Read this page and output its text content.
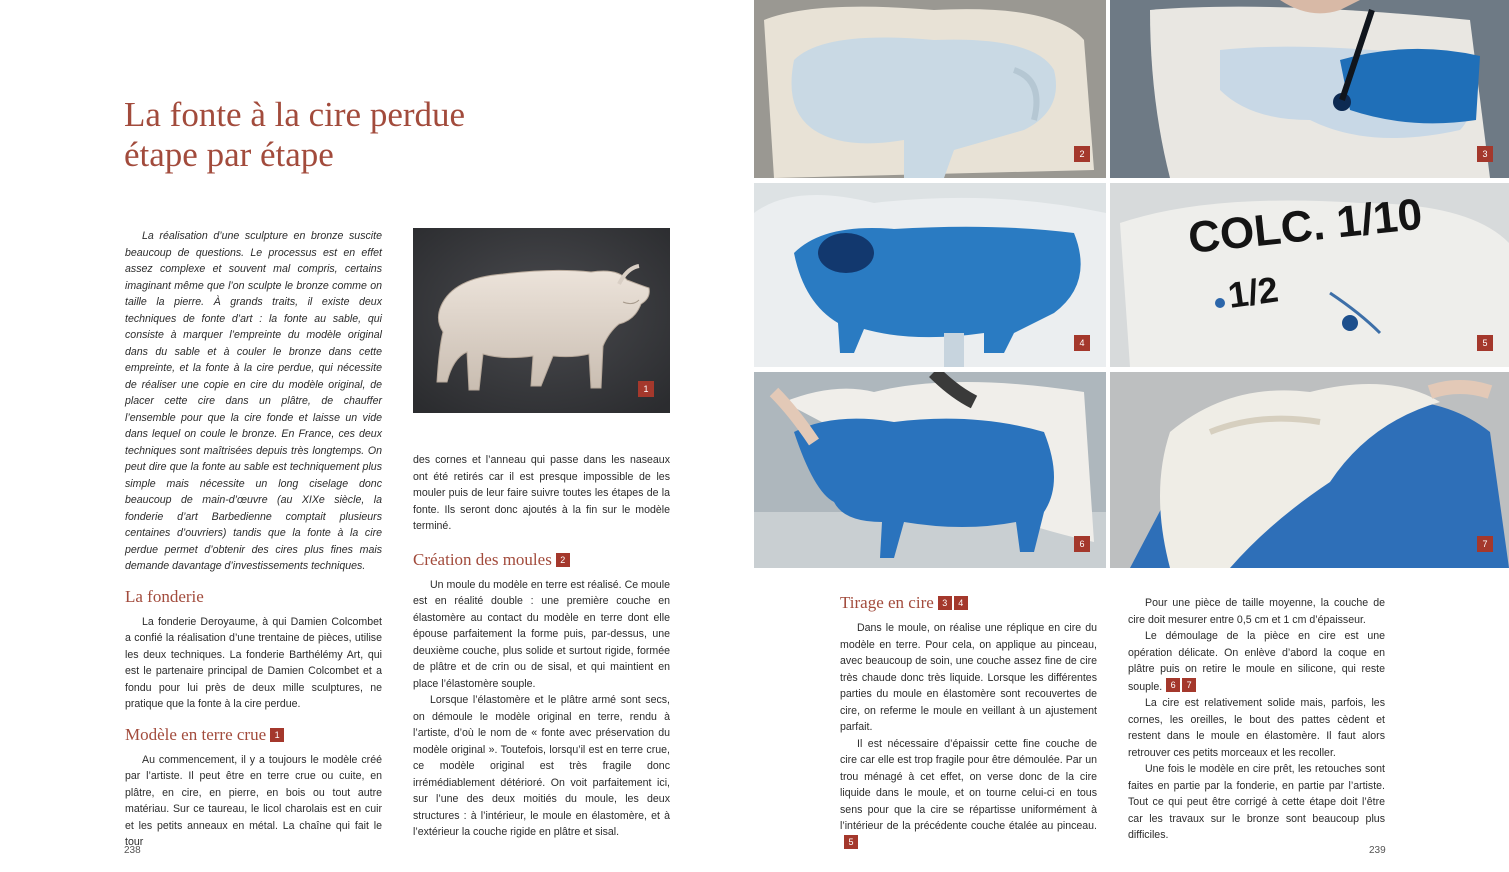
La fonte à la cire perdue
étape par étape

La réalisation d’une sculpture en bronze suscite beaucoup de questions. Le processus est en effet assez complexe et souvent mal compris, certains imaginant même que l’on sculpte le bronze comme on taille la pierre. À grands traits, il existe deux techniques de fonte d’art : la fonte au sable, qui consiste à marquer l’empreinte du modèle original dans du sable et à couler le bronze dans cette empreinte, et la fonte à la cire perdue, qui nécessite de réaliser une copie en cire du modèle original, de placer cette cire dans un plâtre, de chauffer l’ensemble pour que la cire fonde et laisse un vide dans lequel on coule le bronze. En France, ces deux techniques sont maîtrisées depuis très longtemps. On peut dire que la fonte au sable est techniquement plus simple mais nécessite un long ciselage donc beaucoup de main-d’œuvre (au XIXe siècle, la fonderie d’art Barbedienne comptait plusieurs centaines d’ouvriers) tandis que la fonte à la cire perdue permet d’obtenir des cires plus fines mais demande davantage d’investissements techniques.

La fonderie

La fonderie Deroyaume, à qui Damien Colcombet a confié la réalisation d’une trentaine de pièces, utilise les deux techniques. La fonderie Barthélémy Art, qui est le partenaire principal de Damien Colcombet et a fondu pour lui près de deux mille sculptures, ne pratique que la fonte à la cire perdue.

Modèle en terre crue 1

Au commencement, il y a toujours le modèle créé par l’artiste. Il peut être en terre crue ou cuite, en plâtre, en cire, en pierre, en bois ou tout autre matériau. Sur ce taureau, le licol charolais est en cuir et les petits anneaux en métal. La chaîne qui fait le tour

1

des cornes et l’anneau qui passe dans les naseaux ont été retirés car il est presque impossible de les mouler puis de leur faire suivre toutes les étapes de la fonte. Ils seront donc ajoutés à la fin sur le modèle terminé.

Création des moules 2

Un moule du modèle en terre est réalisé. Ce moule est en réalité double : une première couche en élastomère au contact du modèle en terre dont elle épouse parfaitement la forme puis, par-dessus, une deuxième couche, plus solide et surtout rigide, formée de plâtre et de crin ou de sisal, et qui maintient en place l’élastomère souple.

Lorsque l’élastomère et le plâtre armé sont secs, on démoule le modèle original en terre, rendu à l’artiste, d’où le nom de « fonte avec préservation du modèle original ». Toutefois, lorsqu’il est en terre crue, ce modèle original est très fragile donc irrémédiablement détérioré. On voit parfaitement ici, sur l’une des deux moitiés du moule, les deux structures : à l’intérieur, le moule en élastomère, et à l’extérieur la couche rigide en plâtre et sisal.

238
2	3
4
COLC. 1/10
1/2
5
6	7
Tirage en cire 3 4

Dans le moule, on réalise une réplique en cire du modèle en terre. Pour cela, on applique au pinceau, avec beaucoup de soin, une couche assez fine de cire très chaude donc très liquide. Lorsque les différentes parties du moule en élastomère sont recouvertes de cire, on referme le moule en veillant à un ajustement parfait.

Il est nécessaire d’épaissir cette fine couche de cire car elle est trop fragile pour être démoulée. Par un trou ménagé à cet effet, on verse donc de la cire liquide dans le moule, et on tourne celui-ci en tous sens pour que la cire se répartisse uniformément à l’intérieur de la précédente couche étalée au pinceau.5

Pour une pièce de taille moyenne, la couche de cire doit mesurer entre 0,5 cm et 1 cm d’épaisseur.

Le démoulage de la pièce en cire est une opération délicate. On enlève d’abord la coque en plâtre puis on retire le moule en silicone, qui reste souple. 6 7

La cire est relativement solide mais, parfois, les cornes, les oreilles, le bout des pattes cèdent et restent dans le moule en élastomère. Il faut alors retrouver ces petits morceaux et les recoller.

Une fois le modèle en cire prêt, les retouches sont faites en partie par la fonderie, en partie par l’artiste. Tout ce qui peut être corrigé à cette étape doit l’être car les travaux sur le bronze sont beaucoup plus difficiles.

239
